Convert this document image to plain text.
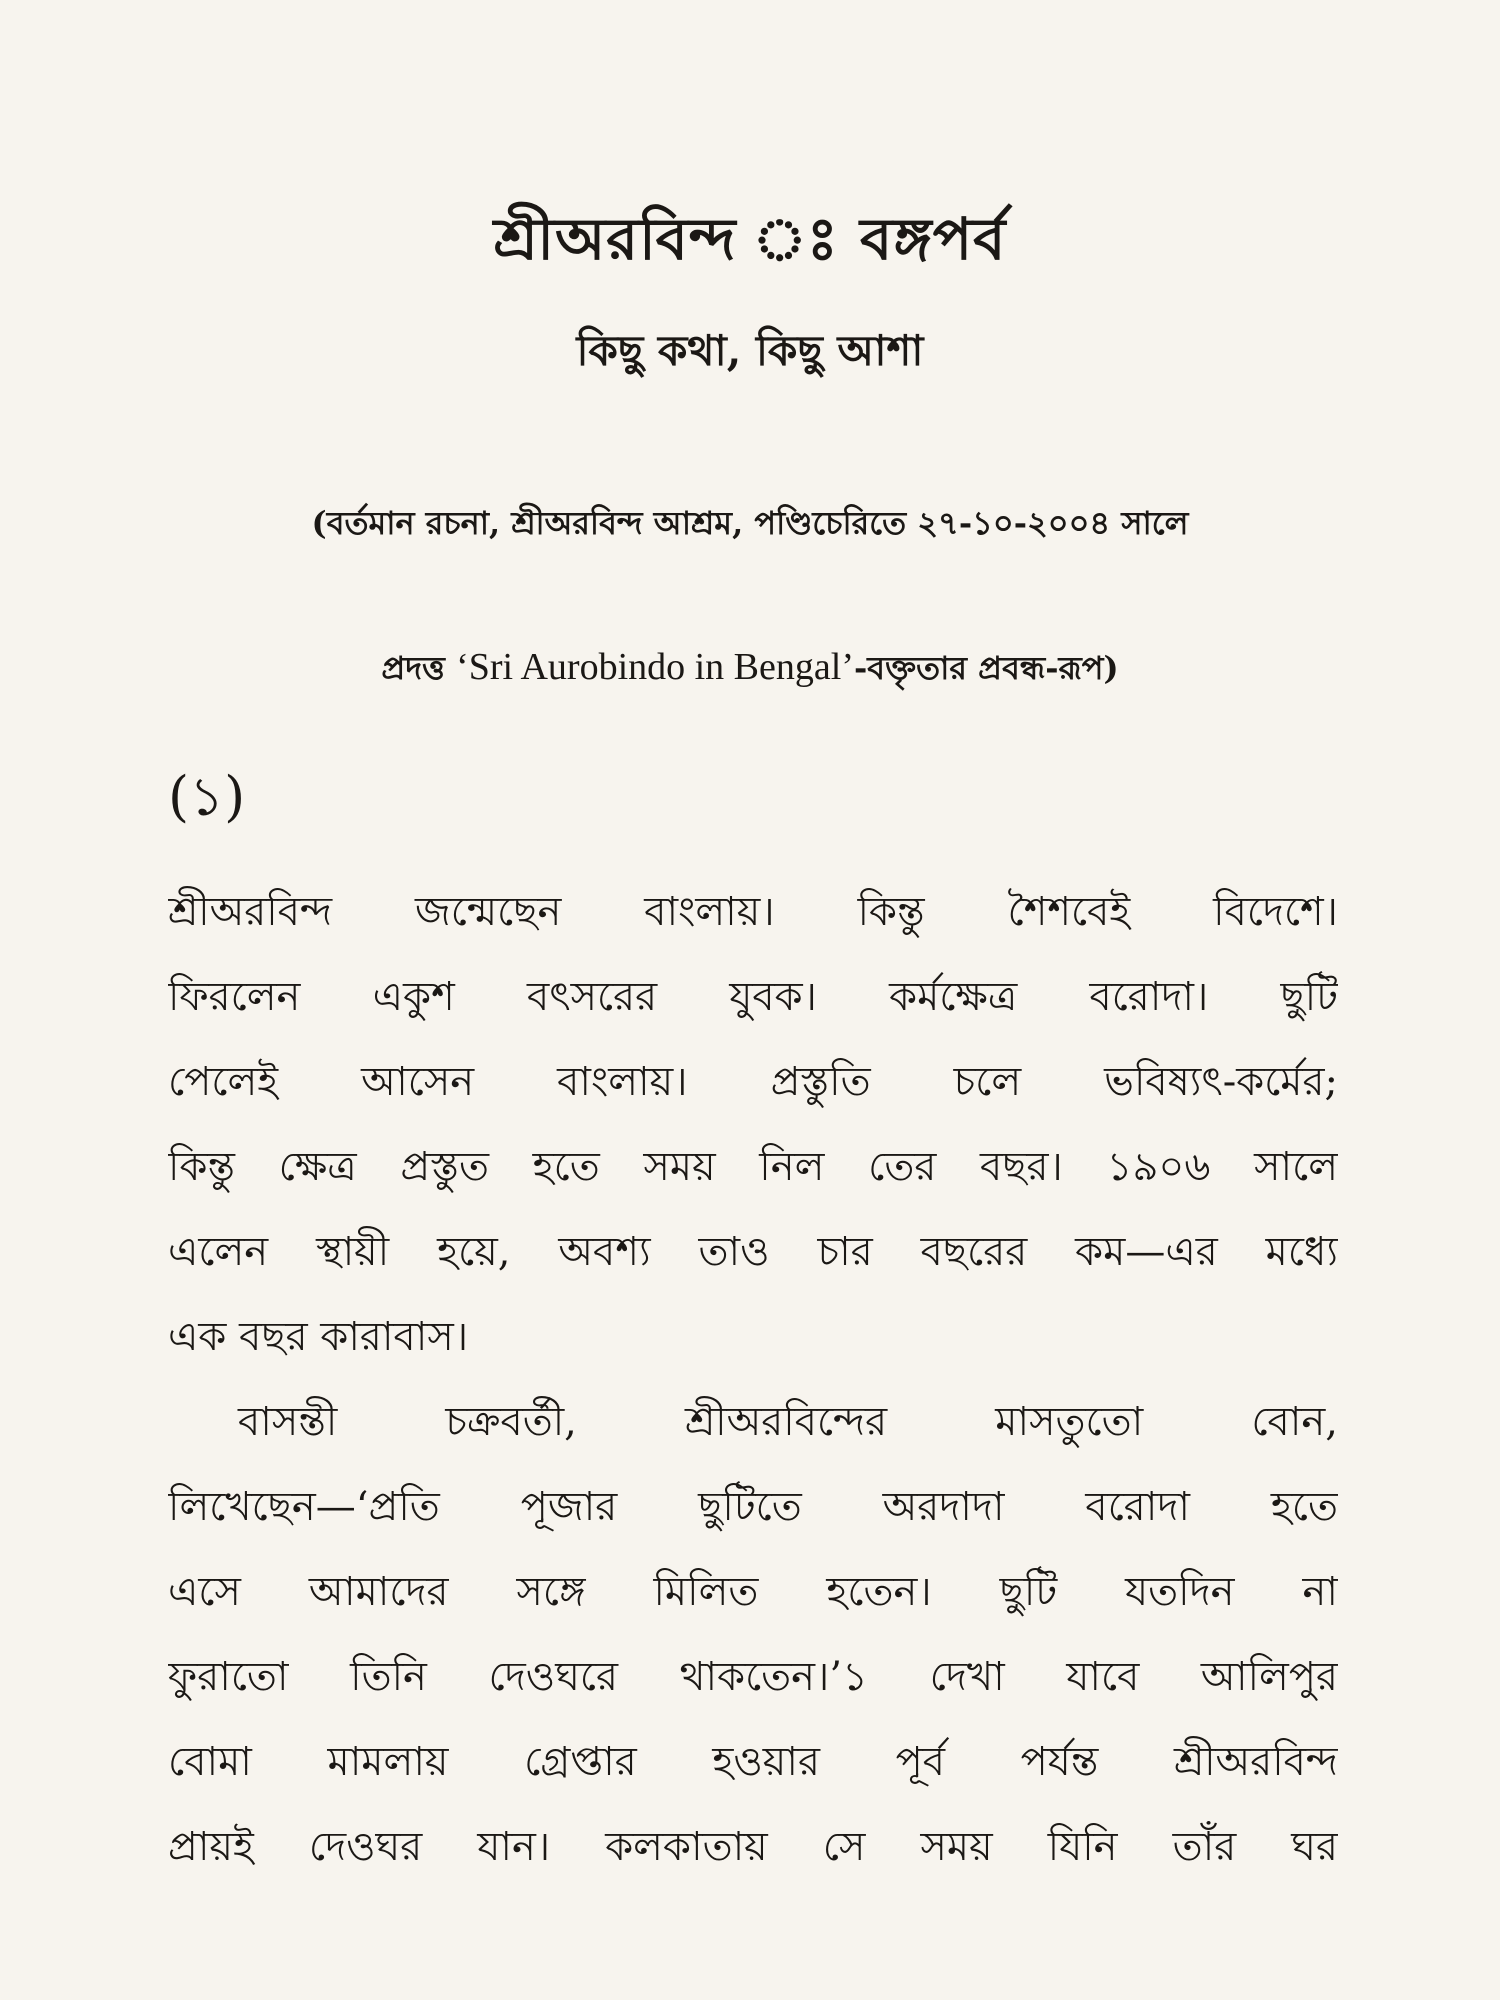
শ্রীঅরবিন্দ ঃ বঙ্গপর্ব
কিছু কথা, কিছু আশা
(বর্তমান রচনা, শ্রীঅরবিন্দ আশ্রম, পণ্ডিচেরিতে ২৭-১০-২০০৪ সালে
প্রদত্ত ‘Sri Aurobindo in Bengal’-বক্তৃতার প্রবন্ধ-রূপ)
(১)
শ্রীঅরবিন্দ জন্মেছেন বাংলায়। কিন্তু শৈশবেই বিদেশে।
ফিরলেন একুশ বৎসরের যুবক। কর্মক্ষেত্র বরোদা। ছুটি
পেলেই আসেন বাংলায়। প্রস্তুতি চলে ভবিষ্যৎ-কর্মের;
কিন্তু ক্ষেত্র প্রস্তুত হতে সময় নিল তের বছর। ১৯০৬ সালে
এলেন স্থায়ী হয়ে, অবশ্য তাও চার বছরের কম—এর মধ্যে
এক বছর কারাবাস।
বাসন্তী চক্রবর্তী, শ্রীঅরবিন্দের মাসতুতো বোন,
লিখেছেন—‘প্রতি পূজার ছুটিতে অরদাদা বরোদা হতে
এসে আমাদের সঙ্গে মিলিত হতেন। ছুটি যতদিন না
ফুরাতো তিনি দেওঘরে থাকতেন।’১ দেখা যাবে আলিপুর
বোমা মামলায় গ্রেপ্তার হওয়ার পূর্ব পর্যন্ত শ্রীঅরবিন্দ
প্রায়ই দেওঘর যান। কলকাতায় সে সময় যিনি তাঁর ঘর
